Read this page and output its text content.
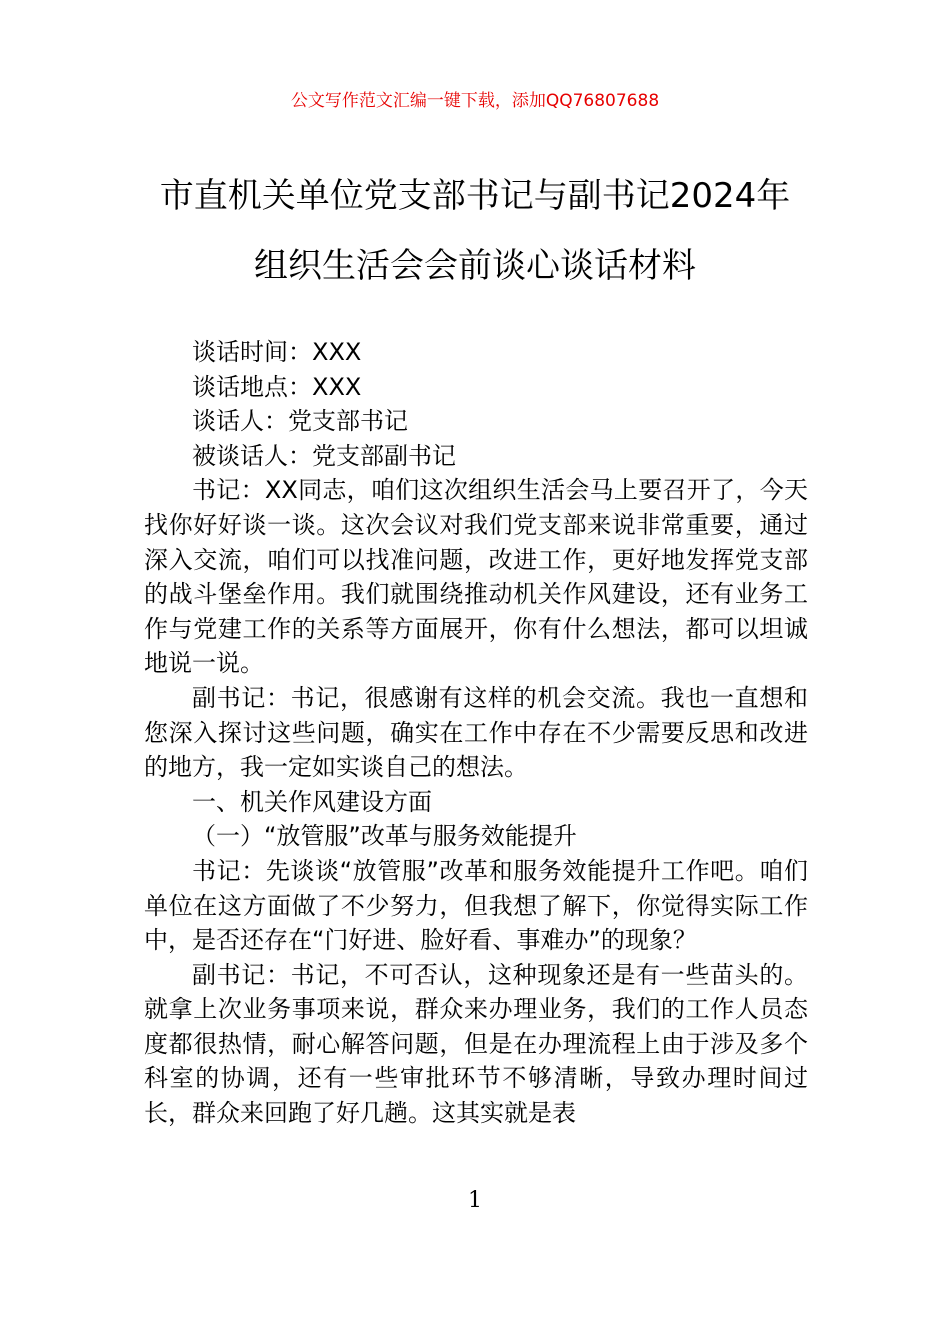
公文写作范文汇编一键下载，添加QQ76807688
市直机关单位党支部书记与副书记2024年
组织生活会会前谈心谈话材料

谈话时间：XXX

谈话地点：XXX

谈话人：党支部书记

被谈话人：党支部副书记

书记：XX同志，咱们这次组织生活会马上要召开了，今天找你好好谈一谈。这次会议对我们党支部来说非常重要，通过深入交流，咱们可以找准问题，改进工作，更好地发挥党支部的战斗堡垒作用。我们就围绕推动机关作风建设，还有业务工作与党建工作的关系等方面展开，你有什么想法，都可以坦诚地说一说。

副书记：书记，很感谢有这样的机会交流。我也一直想和您深入探讨这些问题，确实在工作中存在不少需要反思和改进的地方，我一定如实谈自己的想法。

一、机关作风建设方面

（一）“放管服”改革与服务效能提升

书记：先谈谈“放管服”改革和服务效能提升工作吧。咱们单位在这方面做了不少努力，但我想了解下，你觉得实际工作中，是否还存在“门好进、脸好看、事难办”的现象？

副书记：书记，不可否认，这种现象还是有一些苗头的。就拿上次业务事项来说，群众来办理业务，我们的工作人员态度都很热情，耐心解答问题，但是在办理流程上由于涉及多个科室的协调，还有一些审批环节不够清晰，导致办理时间过长，群众来回跑了好几趟。这其实就是表

1
